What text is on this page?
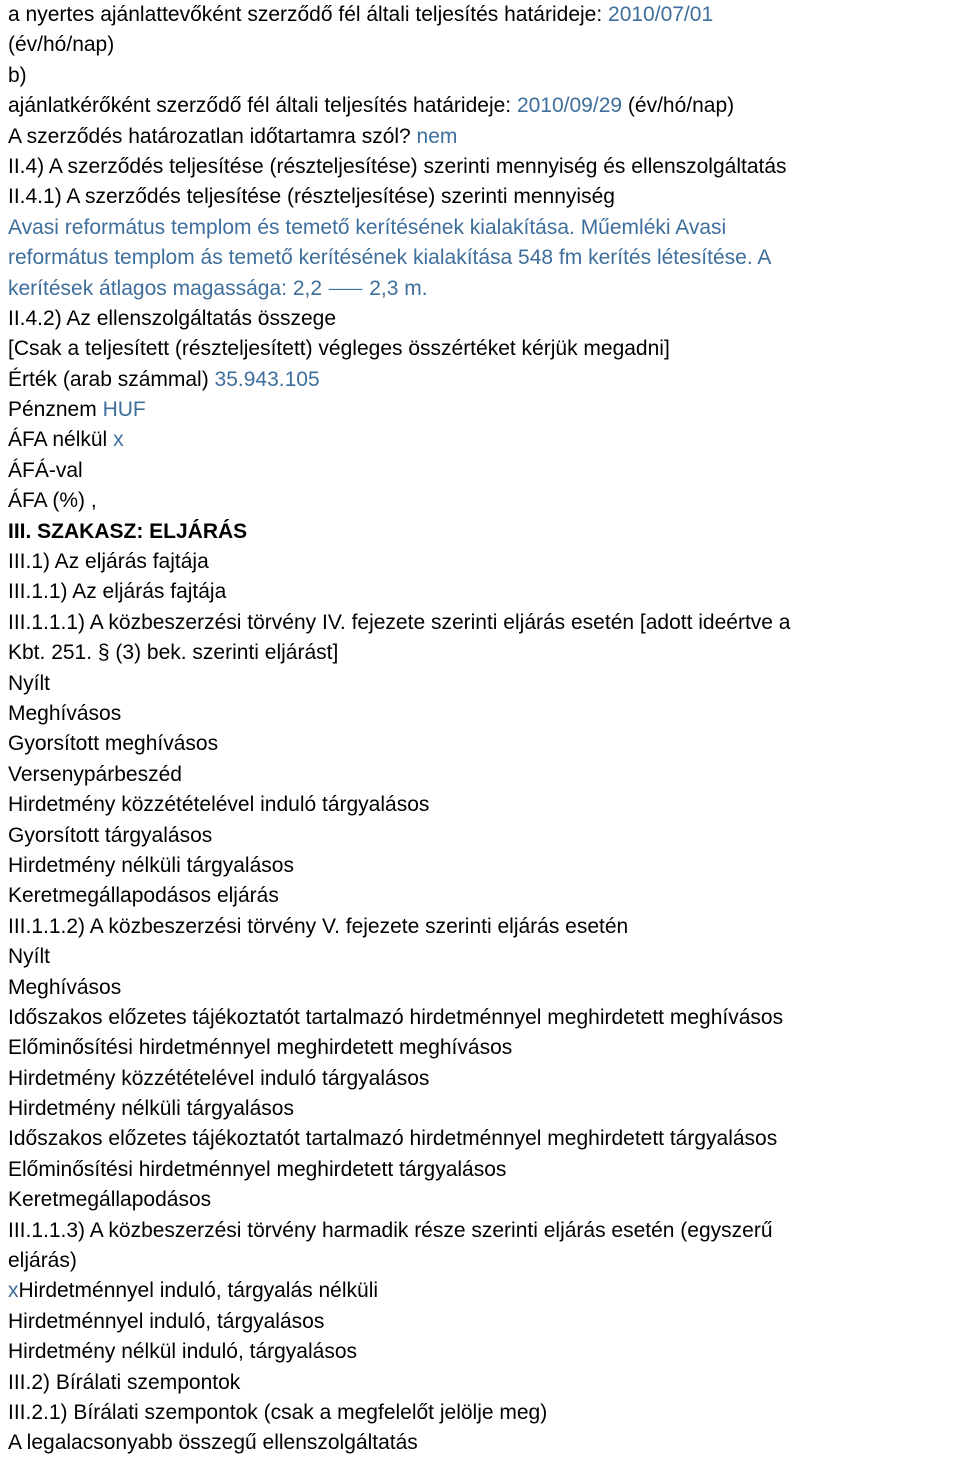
a nyertes ajánlattevőként szerződő fél általi teljesítés határideje: 2010/07/01
(év/hó/nap)
b)
ajánlatkérőként szerződő fél általi teljesítés határideje: 2010/09/29 (év/hó/nap)
A szerződés határozatlan időtartamra szól? nem
II.4) A szerződés teljesítése (részteljesítése) szerinti mennyiség és ellenszolgáltatás
II.4.1) A szerződés teljesítése (részteljesítése) szerinti mennyiség
Avasi református templom és temető kerítésének kialakítása. Műemléki Avasi
református templom ás temető kerítésének kialakítása 548 fm kerítés létesítése. A
kerítések átlagos magassága: 2,2 ⸺ 2,3 m.
II.4.2) Az ellenszolgáltatás összege
[Csak a teljesített (részteljesített) végleges összértéket kérjük megadni]
Érték (arab számmal) 35.943.105
Pénznem HUF
ÁFA nélkül x
ÁFÁ-val
ÁFA (%) ,
III. SZAKASZ: ELJÁRÁS
III.1) Az eljárás fajtája
III.1.1) Az eljárás fajtája
III.1.1.1) A közbeszerzési törvény IV. fejezete szerinti eljárás esetén [adott ideértve a
Kbt. 251. § (3) bek. szerinti eljárást]
Nyílt
Meghívásos
Gyorsított meghívásos
Versenypárbeszéd
Hirdetmény közzétételével induló tárgyalásos
Gyorsított tárgyalásos
Hirdetmény nélküli tárgyalásos
Keretmegállapodásos eljárás
III.1.1.2) A közbeszerzési törvény V. fejezete szerinti eljárás esetén
Nyílt
Meghívásos
Időszakos előzetes tájékoztatót tartalmazó hirdetménnyel meghirdetett meghívásos
Előminősítési hirdetménnyel meghirdetett meghívásos
Hirdetmény közzétételével induló tárgyalásos
Hirdetmény nélküli tárgyalásos
Időszakos előzetes tájékoztatót tartalmazó hirdetménnyel meghirdetett tárgyalásos
Előminősítési hirdetménnyel meghirdetett tárgyalásos
Keretmegállapodásos
III.1.1.3) A közbeszerzési törvény harmadik része szerinti eljárás esetén (egyszerű
eljárás)
xHirdetménnyel induló, tárgyalás nélküli
Hirdetménnyel induló, tárgyalásos
Hirdetmény nélkül induló, tárgyalásos
III.2) Bírálati szempontok
III.2.1) Bírálati szempontok (csak a megfelelőt jelölje meg)
A legalacsonyabb összegű ellenszolgáltatás
